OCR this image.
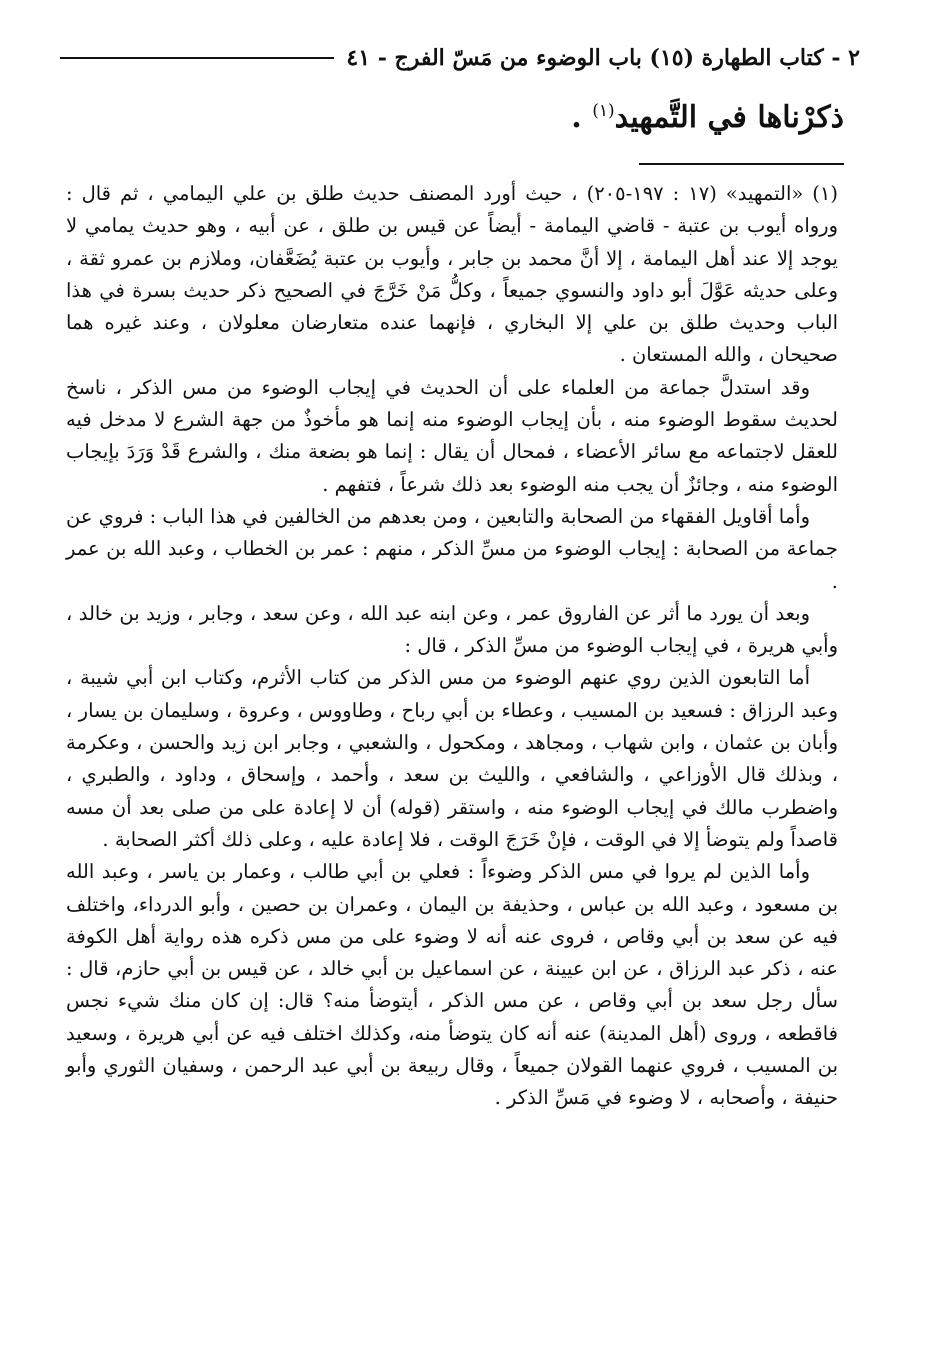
٢ - كتاب الطهارة (١٥) باب الوضوء من مَسّ الفرج - ٤١
ذكرْناها في التَّمهيد$^{(١)}$ .

(١) «التمهيد» (١٧ : ١٩٧-٢٠٥) ، حيث أورد المصنف حديث طلق بن علي اليمامي ، ثم قال : ورواه أيوب بن عتبة - قاضي اليمامة - أيضاً عن قيس بن طلق ، عن أبيه ، وهو حديث يمامي لا يوجد إلا عند أهل اليمامة ، إلا أنَّ محمد بن جابر ، وأيوب بن عتبة يُضَعَّفان، وملازم بن عمرو ثقة ، وعلى حديثه عَوَّلَ أبو داود والنسوي جميعاً ، وكلُّ مَنْ خَرَّجَ في الصحيح ذكر حديث بسرة في هذا الباب وحديث طلق بن علي إلا البخاري ، فإنهما عنده متعارضان معلولان ، وعند غيره هما صحيحان ، والله المستعان .

وقد استدلَّ جماعة من العلماء على أن الحديث في إيجاب الوضوء من مس الذكر ، ناسخ لحديث سقوط الوضوء منه ، بأن إيجاب الوضوء منه إنما هو مأخوذٌ من جهة الشرع لا مدخل فيه للعقل لاجتماعه مع سائر الأعضاء ، فمحال أن يقال : إنما هو بضعة منك ، والشرع قَدْ وَرَدَ بإيجاب الوضوء منه ، وجائزٌ أن يجب منه الوضوء بعد ذلك شرعاً ، فتفهم .

وأما أقاويل الفقهاء من الصحابة والتابعين ، ومن بعدهم من الخالفين في هذا الباب : فروي عن جماعة من الصحابة : إيجاب الوضوء من مسِّ الذكر ، منهم : عمر بن الخطاب ، وعبد الله بن عمر .

وبعد أن يورد ما أثر عن الفاروق عمر ، وعن ابنه عبد الله ، وعن سعد ، وجابر ، وزيد بن خالد ، وأبي هريرة ، في إيجاب الوضوء من مسِّ الذكر ، قال :

أما التابعون الذين روي عنهم الوضوء من مس الذكر من كتاب الأثرم، وكتاب ابن أبي شيبة ، وعبد الرزاق : فسعيد بن المسيب ، وعطاء بن أبي رباح ، وطاووس ، وعروة ، وسليمان بن يسار ، وأبان بن عثمان ، وابن شهاب ، ومجاهد ، ومكحول ، والشعبي ، وجابر ابن زيد والحسن ، وعكرمة ، وبذلك قال الأوزاعي ، والشافعي ، والليث بن سعد ، وأحمد ، وإسحاق ، وداود ، والطبري ، واضطرب مالك في إيجاب الوضوء منه ، واستقر (قوله) أن لا إعادة على من صلى بعد أن مسه قاصداً ولم يتوضأ إلا في الوقت ، فإنْ خَرَجَ الوقت ، فلا إعادة عليه ، وعلى ذلك أكثر الصحابة .

وأما الذين لم يروا في مس الذكر وضوءاً : فعلي بن أبي طالب ، وعمار بن ياسر ، وعبد الله بن مسعود ، وعبد الله بن عباس ، وحذيفة بن اليمان ، وعمران بن حصين ، وأبو الدرداء، واختلف فيه عن سعد بن أبي وقاص ، فروى عنه أنه لا وضوء على من مس ذكره هذه رواية أهل الكوفة عنه ، ذكر عبد الرزاق ، عن ابن عيينة ، عن اسماعيل بن أبي خالد ، عن قيس بن أبي حازم، قال : سأل رجل سعد بن أبي وقاص ، عن مس الذكر ، أيتوضأ منه؟ قال: إن كان منك شيء نجس فاقطعه ، وروى (أهل المدينة) عنه أنه كان يتوضأ منه، وكذلك اختلف فيه عن أبي هريرة ، وسعيد بن المسيب ، فروي عنهما القولان جميعاً ، وقال ربيعة بن أبي عبد الرحمن ، وسفيان الثوري وأبو حنيفة ، وأصحابه ، لا وضوء في مَسِّ الذكر .
